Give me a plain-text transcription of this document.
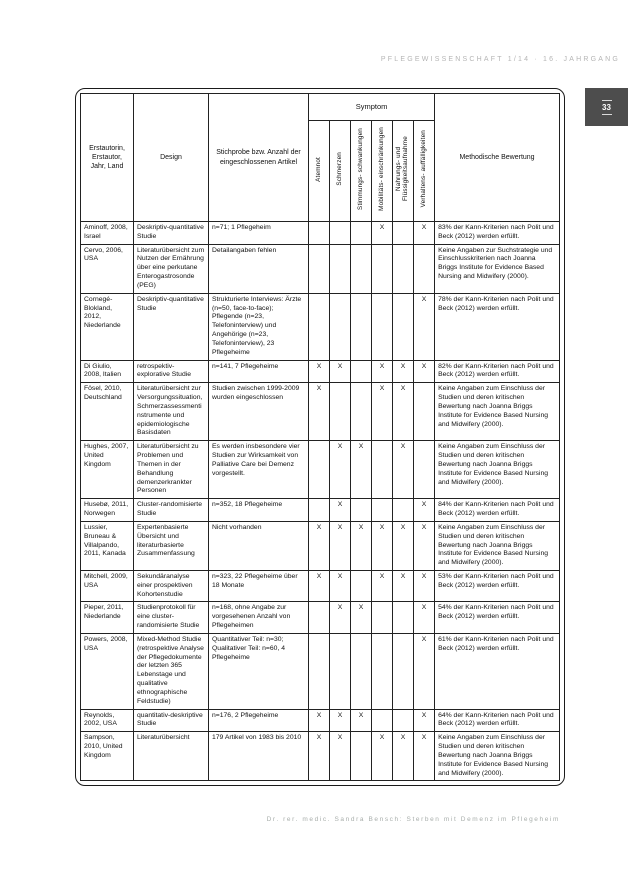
PFLEGEWISSENSCHAFT 1/14 · 16. JAHRGANG
33
Erstautorin, Erstautor, Jahr, Land	Design	Stichprobe bzw. Anzahl der eingeschlossenen Artikel	Symptom						Methodische Bewertung
			Atemnot	Schmerzen	Stimmungs- schwankungen	Mobilitäts- einschränkungen	Nahrungs- und Flüssigkeitsaufnahme	Verhaltens- auffälligkeiten	
Aminoff, 2008, Israel	Deskriptiv-quantitative Studie	n=71; 1 Pflegeheim				X		X	83% der Kann-Kriterien nach Polit und Beck (2012) werden erfüllt.
Cervo, 2006, USA	Literaturübersicht zum Nutzen der Ernährung über eine perkutane Enterogastrosonde (PEG)	Detailangaben fehlen							Keine Angaben zur Suchstrategie und Einschlusskriterien nach Joanna Briggs Institute for Evidence Based Nursing and Midwifery (2000).
Cornegé-Blokland, 2012, Niederlande	Deskriptiv-quantitative Studie	Strukturierte Interviews: Ärzte (n=50, face-to-face); Pflegende (n=23, Telefoninterview) und Angehörige (n=23, Telefoninterview), 23 Pflegeheime						X	78% der Kann-Kriterien nach Polit und Beck (2012) werden erfüllt.
Di Giulio, 2008, Italien	retrospektiv-explorative Studie	n=141, 7 Pflegeheime	X	X		X	X	X	82% der Kann-Kriterien nach Polit und Beck (2012) werden erfüllt.
Fösel, 2010, Deutschland	Literaturübersicht zur Versorgungssituation, Schmerzassessmentinstrumente und epidemiologische Basisdaten	Studien zwischen 1999-2009 wurden eingeschlossen	X			X	X		Keine Angaben zum Einschluss der Studien und deren kritischen Bewertung nach Joanna Briggs Institute for Evidence Based Nursing and Midwifery (2000).
Hughes, 2007, United Kingdom	Literaturübersicht zu Problemen und Themen in der Behandlung demenzerkrankter Personen	Es werden insbesondere vier Studien zur Wirksamkeit von Palliative Care bei Demenz vorgestellt.		X	X		X		Keine Angaben zum Einschluss der Studien und deren kritischen Bewertung nach Joanna Briggs Institute for Evidence Based Nursing and Midwifery (2000).
Husebø, 2011, Norwegen	Cluster-randomisierte Studie	n=352, 18 Pflegeheime		X				X	84% der Kann-Kriterien nach Polit und Beck (2012) werden erfüllt.
Lussier, Bruneau & Villalpando, 2011, Kanada	Expertenbasierte Übersicht und literaturbasierte Zusammenfassung	Nicht vorhanden	X	X	X	X	X	X	Keine Angaben zum Einschluss der Studien und deren kritischen Bewertung nach Joanna Briggs Institute for Evidence Based Nursing and Midwifery (2000).
Mitchell, 2009, USA	Sekundäranalyse einer prospektiven Kohortenstudie	n=323, 22 Pflegeheime über 18 Monate	X	X		X	X	X	53% der Kann-Kriterien nach Polit und Beck (2012) werden erfüllt.
Pieper, 2011, Niederlande	Studienprotokoll für eine cluster-randomisierte Studie	n=168, ohne Angabe zur vorgesehenen Anzahl von Pflegeheimen		X	X			X	54% der Kann-Kriterien nach Polit und Beck (2012) werden erfüllt.
Powers, 2008, USA	Mixed-Method Studie (retrospektive Analyse der Pflegedokumente der letzten 365 Lebenstage und qualitative ethnographische Feldstudie)	Quantitativer Teil: n=30; Qualitativer Teil: n=60, 4 Pflegeheime						X	61% der Kann-Kriterien nach Polit und Beck (2012) werden erfüllt.
Reynolds, 2002, USA	quantitativ-deskriptive Studie	n=176, 2 Pflegeheime	X	X	X			X	64% der Kann-Kriterien nach Polit und Beck (2012) werden erfüllt.
Sampson, 2010, United Kingdom	Literaturübersicht	179 Artikel von 1983 bis 2010	X	X		X	X	X	Keine Angaben zum Einschluss der Studien und deren kritischen Bewertung nach Joanna Briggs Institute for Evidence Based Nursing and Midwifery (2000).
Dr. rer. medic. Sandra Bensch: Sterben mit Demenz im Pflegeheim
